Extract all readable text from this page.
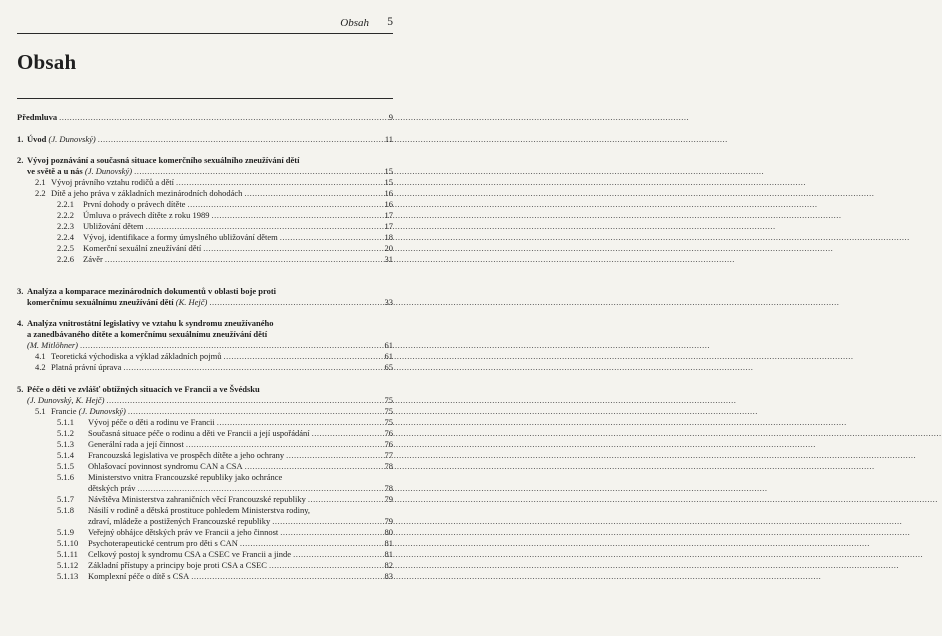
Obsah 5
Obsah
Předmluva .....	9
1. Úvod (J. Dunovský) .....	11
2. Vývoj poznávání a současná situace komerčního sexuálního zneužívání dětí
ve světě a u nás (J. Dunovský) .....	15
2.1 Vývoj právního vztahu rodičů a dětí .....	15
2.2 Dítě a jeho práva v základních mezinárodních dohodách .....	16
2.2.1 První dohody o právech dítěte .....	16
2.2.2 Úmluva o právech dítěte z roku 1989 .....	17
2.2.3 Ubližování dětem .....	17
2.2.4 Vývoj, identifikace a formy úmyslného ubližování dětem .....	18
2.2.5 Komerční sexuální zneužívání dětí .....	20
2.2.6 Závěr .....	31
3. Analýza a komparace mezinárodních dokumentů v oblasti boje proti
komerčnímu sexuálnímu zneužívání dětí (K. Hejč) .....	33
4. Analýza vnitrostátní legislativy ve vztahu k syndromu zneužívaného
a zanedbávaného dítěte a komerčnímu sexuálnímu zneužívání dětí
(M. Mitlöhner) .....	61
4.1 Teoretická východiska a výklad základních pojmů .....	61
4.2 Platná právní úprava .....	65
5. Péče o děti ve zvlášť obtížných situacích ve Francii a ve Švédsku
(J. Dunovský, K. Hejč) .....	75
5.1 Francie (J. Dunovský) .....	75
5.1.1 Vývoj péče o děti a rodinu ve Francii .....	75
5.1.2 Současná situace péče o rodinu a děti ve Francii a její uspořádání .....	76
5.1.3 Generální rada a její činnost .....	76
5.1.4 Francouzská legislativa ve prospěch dítěte a jeho ochrany .....	77
5.1.5 Ohlašovací povinnost syndromu CAN a CSA .....	78
5.1.6 Ministerstvo vnitra Francouzské republiky jako ochránce
dětských práv .....	78
5.1.7 Návštěva Ministerstva zahraničních věcí Francouzské republiky .....	79
5.1.8 Násilí v rodině a dětská prostituce pohledem Ministerstva rodiny,
zdraví, mládeže a postižených Francouzské republiky .....	79
5.1.9 Veřejný obhájce dětských práv ve Francii a jeho činnost .....	80
5.1.10 Psychoterapeutické centrum pro děti s CAN .....	81
5.1.11 Celkový postoj k syndromu CSA a CSEC ve Francii a jinde .....	81
5.1.12 Základní přístupy a principy boje proti CSA a CSEC .....	82
5.1.13 Komplexní péče o dítě s CSA .....	83
